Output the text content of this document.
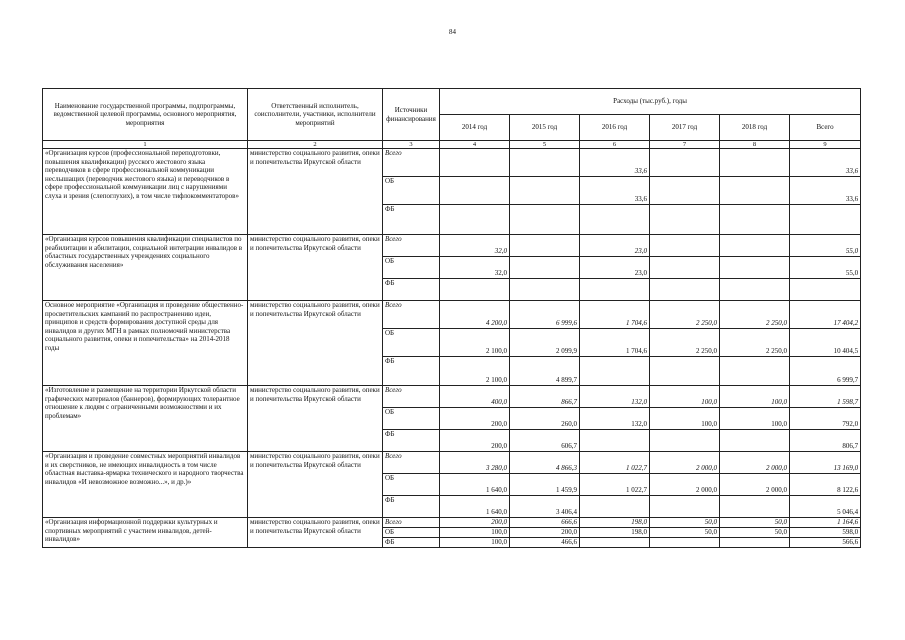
84
Наименование государственной программы, подпрограммы, ведомственной целевой программы, основного мероприятия, мероприятия	Ответственный исполнитель, соисполнители, участники, исполнители мероприятий	Источники финансирования	Расходы (тыс.руб.), годы					
			2014 год	2015 год	2016 год	2017 год	2018 год	Всего
1	2	3	4	5	6	7	8	9
«Организация курсов (профессиональной переподготовки, повышения квалификации) русского жестового языка переводчиков в сфере профессиональной коммуникации неслышащих (переводчик жестового языка) и переводчиков в сфере профессиональной коммуникации лиц с нарушениями слуха и зрения (слепоглухих), в том числе тифлокомментаторов»	министерство социального развития, опеки и попечительства Иркутской области	Всего			33,6			33,6
		ОБ			33,6			33,6
		ФБ						
«Организация курсов повышения квалификации специалистов по реабилитации и абилитации, социальной интеграции инвалидов в областных государственных учреждениях социального обслуживания населения»	министерство социального развития, опеки и попечительства Иркутской области	Всего	32,0		23,0			55,0
		ОБ	32,0		23,0			55,0
		ФБ						
Основное мероприятие «Организация и проведение общественно-просветительских кампаний по распространению идеи, принципов и средств формирования доступной среды для инвалидов и других МГН в рамках полномочий министерства социального развития, опеки и попечительства» на 2014-2018 годы	министерство социального развития, опеки и попечительства Иркутской области	Всего	4 200,0	6 999,6	1 704,6	2 250,0	2 250,0	17 404,2
		ОБ	2 100,0	2 099,9	1 704,6	2 250,0	2 250,0	10 404,5
		ФБ	2 100,0	4 899,7				6 999,7
«Изготовление и размещение на территории Иркутской области графических материалов (баннеров), формирующих толерантное отношение к людям с ограниченными возможностями и их проблемам»	министерство социального развития, опеки и попечительства Иркутской области	Всего	400,0	866,7	132,0	100,0	100,0	1 598,7
		ОБ	200,0	260,0	132,0	100,0	100,0	792,0
		ФБ	200,0	606,7				806,7
«Организация и проведение совместных мероприятий инвалидов и их сверстников, не имеющих инвалидность в том числе областная выставка-ярмарка технического и народного творчества инвалидов «И невозможное возможно...», и др.)»	министерство социального развития, опеки и попечительства Иркутской области	Всего	3 280,0	4 866,3	1 022,7	2 000,0	2 000,0	13 169,0
		ОБ	1 640,0	1 459,9	1 022,7	2 000,0	2 000,0	8 122,6
		ФБ	1 640,0	3 406,4				5 046,4
«Организация информационной поддержки культурных и спортивных мероприятий с участием инвалидов, детей-инвалидов»	министерство социального развития, опеки и попечительства Иркутской области	Всего	200,0	666,6	198,0	50,0	50,0	1 164,6
		ОБ	100,0	200,0	198,0	50,0	50,0	598,0
		ФБ	100,0	466,6				566,6
